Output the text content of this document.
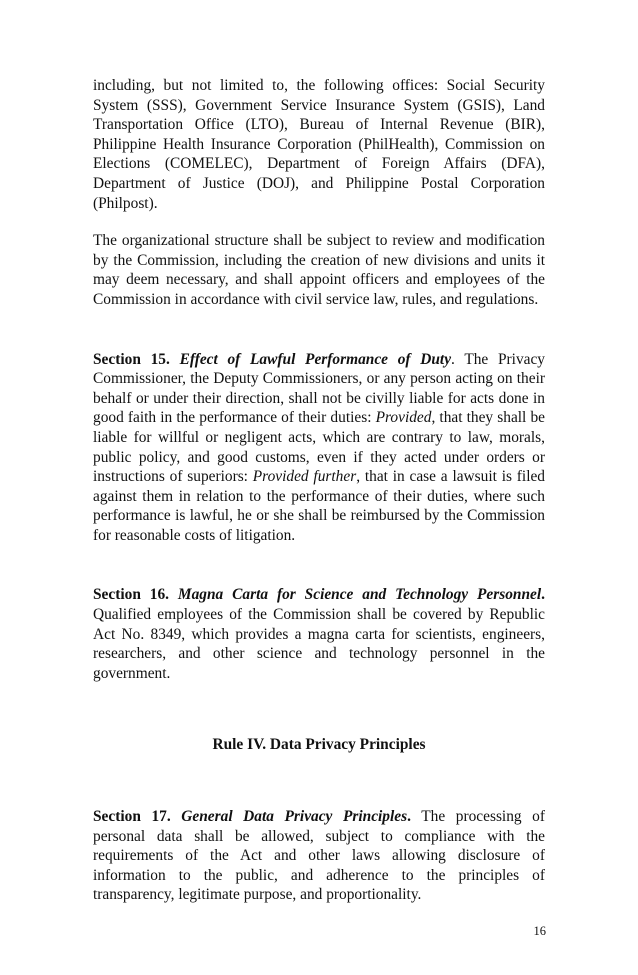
including, but not limited to, the following offices: Social Security System (SSS), Government Service Insurance System (GSIS), Land Transportation Office (LTO), Bureau of Internal Revenue (BIR), Philippine Health Insurance Corporation (PhilHealth), Commission on Elections (COMELEC), Department of Foreign Affairs (DFA), Department of Justice (DOJ), and Philippine Postal Corporation (Philpost).

The organizational structure shall be subject to review and modification by the Commission, including the creation of new divisions and units it may deem necessary, and shall appoint officers and employees of the Commission in accordance with civil service law, rules, and regulations.

Section 15. Effect of Lawful Performance of Duty. The Privacy Commissioner, the Deputy Commissioners, or any person acting on their behalf or under their direction, shall not be civilly liable for acts done in good faith in the performance of their duties: Provided, that they shall be liable for willful or negligent acts, which are contrary to law, morals, public policy, and good customs, even if they acted under orders or instructions of superiors: Provided further, that in case a lawsuit is filed against them in relation to the performance of their duties, where such performance is lawful, he or she shall be reimbursed by the Commission for reasonable costs of litigation.

Section 16. Magna Carta for Science and Technology Personnel. Qualified employees of the Commission shall be covered by Republic Act No. 8349, which provides a magna carta for scientists, engineers, researchers, and other science and technology personnel in the government.

Rule IV. Data Privacy Principles

Section 17. General Data Privacy Principles. The processing of personal data shall be allowed, subject to compliance with the requirements of the Act and other laws allowing disclosure of information to the public, and adherence to the principles of transparency, legitimate purpose, and proportionality.

16
